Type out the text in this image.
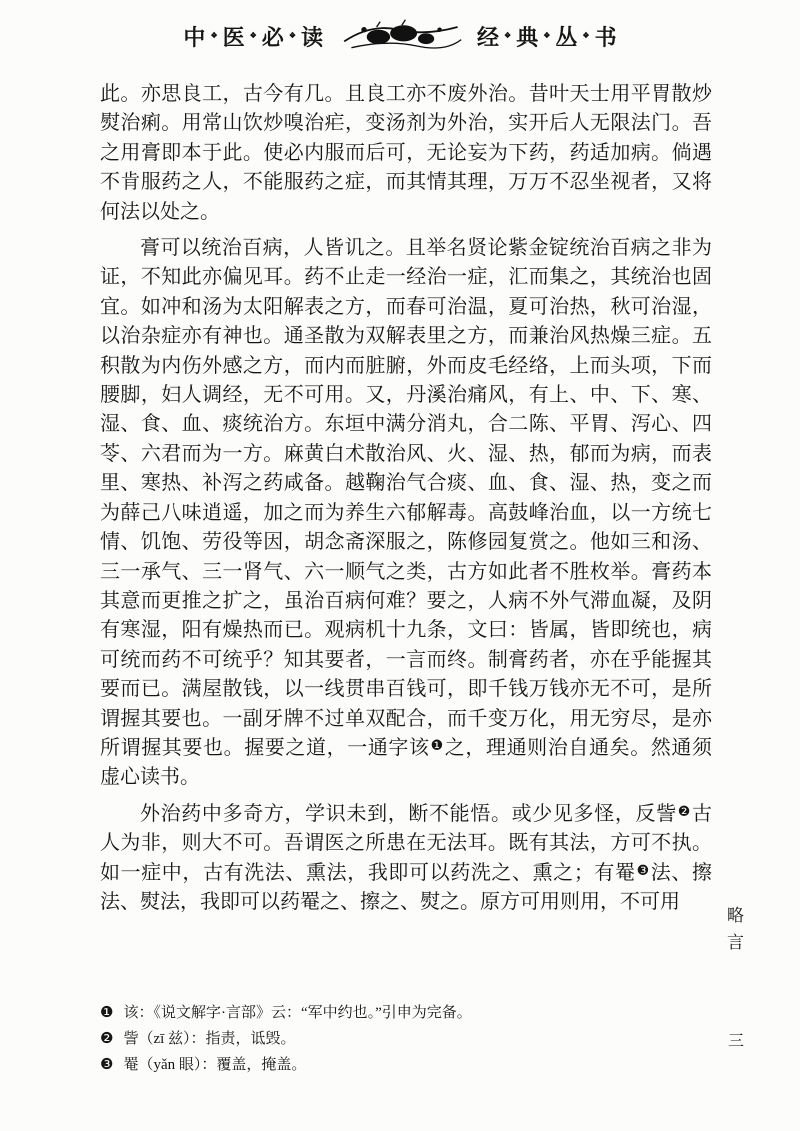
中 ❖ 医 ❖ 必 ❖ 读	经 ❖ 典 ❖ 丛 ❖ 书

此。亦思良工，古今有几。且良工亦不废外治。昔叶天士用平胃散炒熨治痢。用常山饮炒嗅治疟，变汤剂为外治，实开后人无限法门。吾之用膏即本于此。使必内服而后可，无论妄为下药，药适加病。倘遇不肯服药之人，不能服药之症，而其情其理，万万不忍坐视者，又将何法以处之。

膏可以统治百病，人皆讥之。且举名贤论紫金锭统治百病之非为证，不知此亦偏见耳。药不止走一经治一症，汇而集之，其统治也固宜。如冲和汤为太阳解表之方，而春可治温，夏可治热，秋可治湿，以治杂症亦有神也。通圣散为双解表里之方，而兼治风热燥三症。五积散为内伤外感之方，而内而脏腑，外而皮毛经络，上而头项，下而腰脚，妇人调经，无不可用。又，丹溪治痛风，有上、中、下、寒、湿、食、血、痰统治方。东垣中满分消丸，合二陈、平胃、泻心、四苓、六君而为一方。麻黄白术散治风、火、湿、热，郁而为病，而表里、寒热、补泻之药咸备。越鞠治气合痰、血、食、湿、热，变之而为薛己八味逍遥，加之而为养生六郁解毒。高鼓峰治血，以一方统七情、饥饱、劳役等因，胡念斋深服之，陈修园复赏之。他如三和汤、三一承气、三一肾气、六一顺气之类，古方如此者不胜枚举。膏药本其意而更推之扩之，虽治百病何难？要之，人病不外气滞血凝，及阴有寒湿，阳有燥热而已。观病机十九条，文曰：皆属，皆即统也，病可统而药不可统乎？知其要者，一言而终。制膏药者，亦在乎能握其要而已。满屋散钱，以一线贯串百钱可，即千钱万钱亦无不可，是所谓握其要也。一副牙牌不过单双配合，而千变万化，用无穷尽，是亦所谓握其要也。握要之道，一通字该$^❶$之，理通则治自通矣。然通须虚心读书。

外治药中多奇方，学识未到，断不能悟。或少见多怪，反訾$^❷$古人为非，则大不可。吾谓医之所患在无法耳。既有其法，方可不执。如一症中，古有洗法、熏法，我即可以药洗之、熏之；有罨$^❸$法、擦法、熨法，我即可以药罨之、擦之、熨之。原方可用则用，不可用

❶ 该：《说文解字·言部》云：“军中约也。”引申为完备。
❷ 訾（zī 兹）：指责，诋毁。
❸ 罨（yǎn 眼）：覆盖，掩盖。
略言
三
